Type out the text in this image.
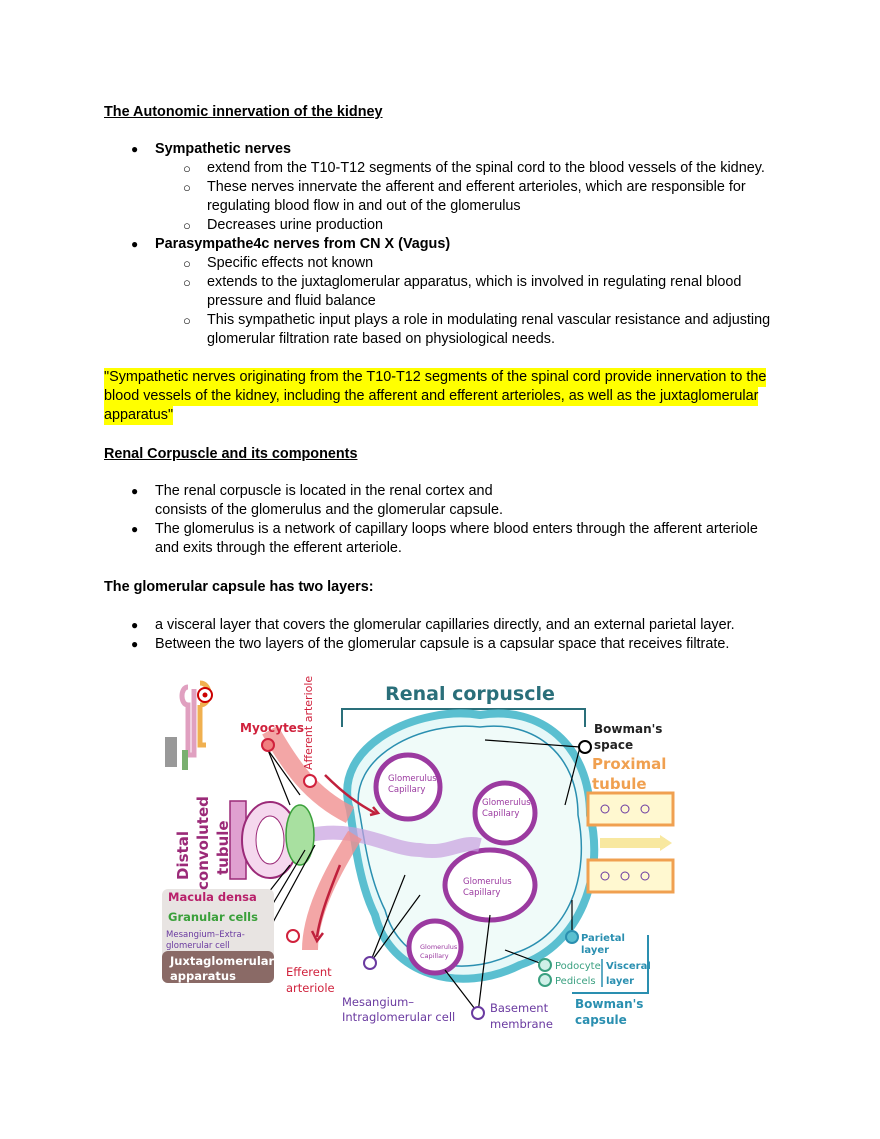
The Autonomic innervation of the kidney
● Sympathetic nerves

○ extend from the T10-T12 segments of the spinal cord to the blood vessels of the kidney.

○ These nerves innervate the afferent and efferent arterioles, which are responsible for

regulating blood flow in and out of the glomerulus

○ Decreases urine production

● Parasympathe4c nerves from CN X (Vagus)

○ Specific effects not known

○ extends to the juxtaglomerular apparatus, which is involved in regulating renal blood

pressure and fluid balance

○ This sympathetic input plays a role in modulating renal vascular resistance and adjusting

glomerular filtration rate based on physiological needs.

"Sympathetic nerves originating from the T10-T12 segments of the spinal cord provide innervation to the
blood vessels of the kidney, including the afferent and efferent arterioles, as well as the juxtaglomerular
apparatus"
Renal Corpuscle and its components
● The renal corpuscle is located in the renal cortex and

consists of the glomerulus and the glomerular capsule.

● The glomerulus is a network of capillary loops where blood enters through the afferent arteriole

and exits through the efferent arteriole.

The glomerular capsule has two layers:
● a visceral layer that covers the glomerular capillaries directly, and an external parietal layer.

● Between the two layers of the glomerular capsule is a capsular space that receives filtrate.

Renal corpuscle
Myocytes
Afferent arteriole	Bowman's
space
Proximal
tubule
Distal convoluted tubule
Glomerulus
Capillary
Glomerulus
Capillary
Glomerulus
Capillary
Glomerulus
Capillary
Macula densa
Granular cells
Mesangium–Extra-
glomerular cell
Juxtaglomerular
apparatus	Efferent
arteriole
Mesangium–
Intraglomerular cell
Basement
membrane
Parietal
layer
Podocyte
Pedicels
Visceral
layer
Bowman's
capsule
